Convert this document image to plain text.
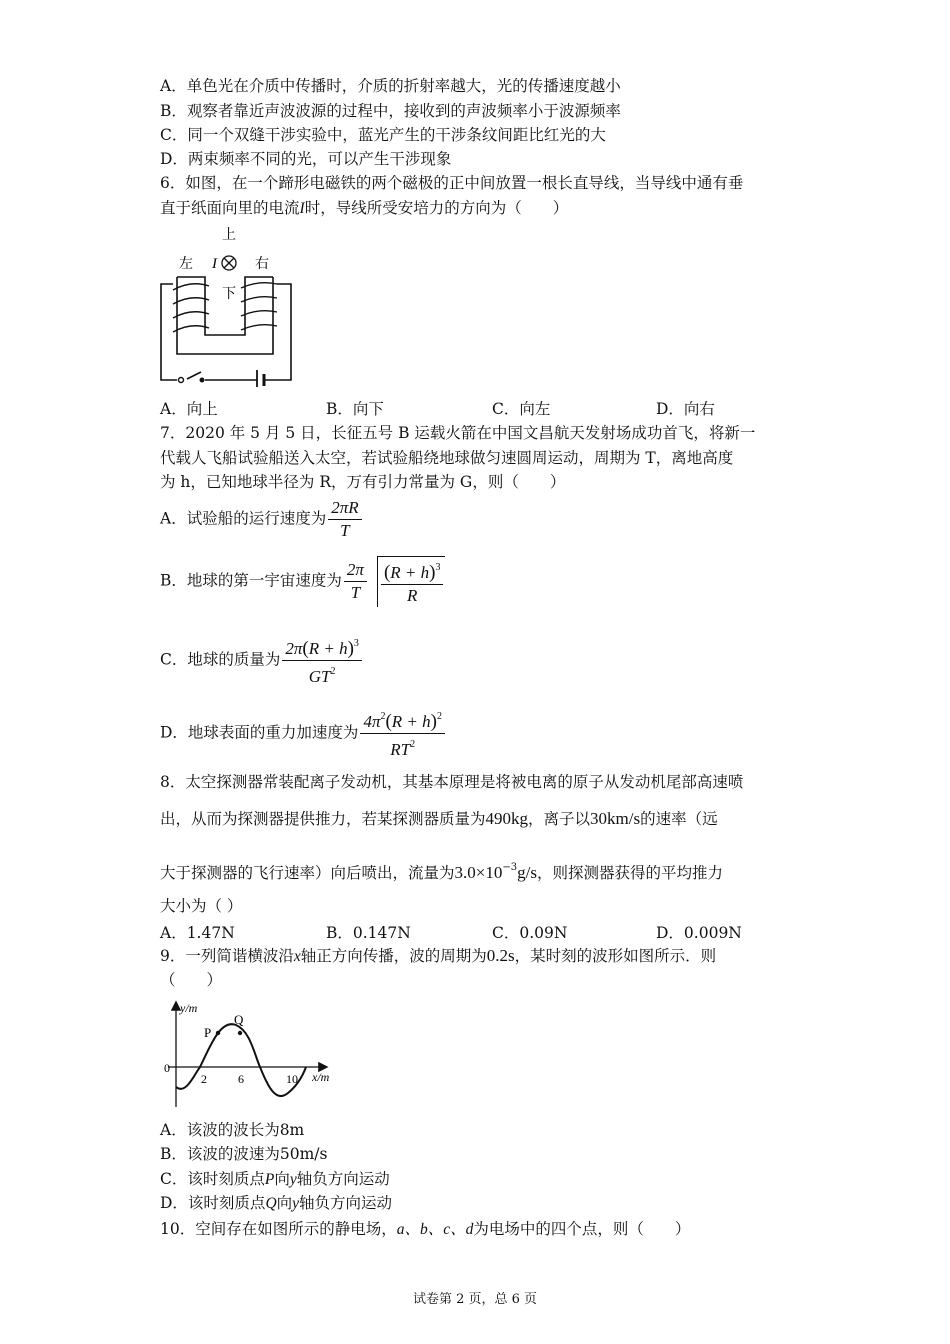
A．单色光在介质中传播时，介质的折射率越大，光的传播速度越小
B．观察者靠近声波波源的过程中，接收到的声波频率小于波源频率
C．同一个双缝干涉实验中，蓝光产生的干涉条纹间距比红光的大
D．两束频率不同的光，可以产生干涉现象
6．如图，在一个蹄形电磁铁的两个磁极的正中间放置一根长直导线，当导线中通有垂
直于纸面向里的电流I时，导线所受安培力的方向为（　　）
上
I
下
左	右
A．向上	B．向下	C．向左	D．向右
7．2020 年 5 月 5 日，长征五号 B 运载火箭在中国文昌航天发射场成功首飞，将新一
代载人飞船试验船送入太空，若试验船绕地球做匀速圆周运动，周期为 T，离地高度
为 h，已知地球半径为 R，万有引力常量为 G，则（　　）
A．试验船的运行速度为 $\frac{2\pi R}{T}$
B．地球的第一宇宙速度为 $\frac{2\pi}{T} \frac{(R + h)^3}{R}$
C．地球的质量为 $\frac{2\pi(R + h)^3}{GT^2}$
D．地球表面的重力加速度为 $\frac{4\pi^2(R + h)^2}{RT^2}$
8．太空探测器常装配离子发动机，其基本原理是将被电离的原子从发动机尾部高速喷
出，从而为探测器提供推力，若某探测器质量为490kg，离子以30km/s的速率（远
大于探测器的飞行速率）向后喷出，流量为$3.0\times 10^{-3}g/s$，则探测器获得的平均推力
大小为（ ）
A．1.47N	B．0.147N	C．0.09N	D．0.009N
9．一列简谐横波沿x轴正方向传播，波的周期为0.2s，某时刻的波形如图所示．则
（　　）
y/m
x/m
0
2	6	10
P
Q
A．该波的波长为8m
B．该波的波速为50m/s
C．该时刻质点P向y轴负方向运动
D．该时刻质点Q向y轴负方向运动
10．空间存在如图所示的静电场，a、b、c、d为电场中的四个点，则（　　）
试卷第 2 页，总 6 页
